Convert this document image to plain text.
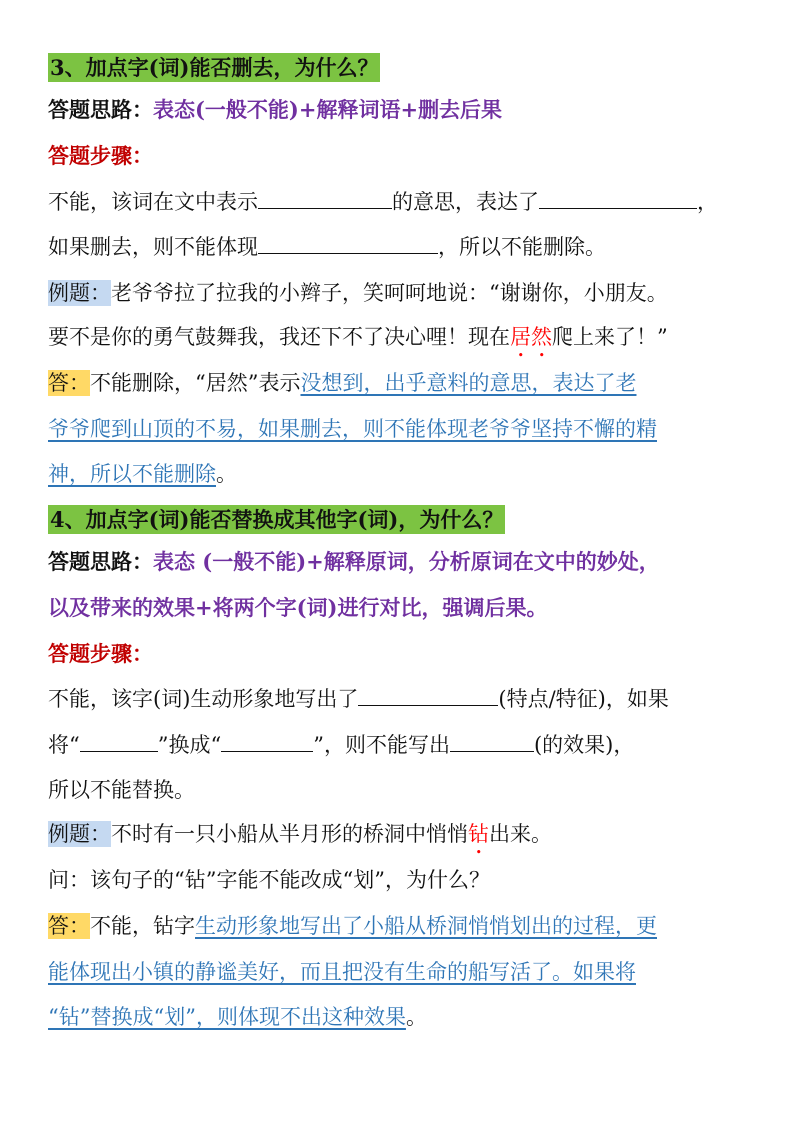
3、加点字(词)能否删去，为什么？
答题思路：表态(一般不能)+解释词语+删去后果
答题步骤：
不能，该词在文中表示	的意思，表达了	，
如果删去，则不能体现	，所以不能删除。
例题：老爷爷拉了拉我的小辫子，笑呵呵地说：“谢谢你，小朋友。
要不是你的勇气鼓舞我，我还下不了决心哩！现在居然爬上来了！”
答：不能删除，“居然”表示没想到，出乎意料的意思，表达了老
爷爷爬到山顶的不易，如果删去，则不能体现老爷爷坚持不懈的精
神，所以不能删除。
4、加点字(词)能否替换成其他字(词)，为什么？
答题思路：表态 (一般不能)+解释原词，分析原词在文中的妙处，
以及带来的效果+将两个字(词)进行对比，强调后果。
答题步骤：
不能，该字(词)生动形象地写出了	(特点/特征)，如果
将“	”换成“	”，则不能写出	(的效果)，
所以不能替换。
例题：不时有一只小船从半月形的桥洞中悄悄钻出来。
问：该句子的“钻”字能不能改成“划”，为什么？
答：不能，钻字生动形象地写出了小船从桥洞悄悄划出的过程，更
能体现出小镇的静谧美好，而且把没有生命的船写活了。如果将
“钻”替换成“划”，则体现不出这种效果。
